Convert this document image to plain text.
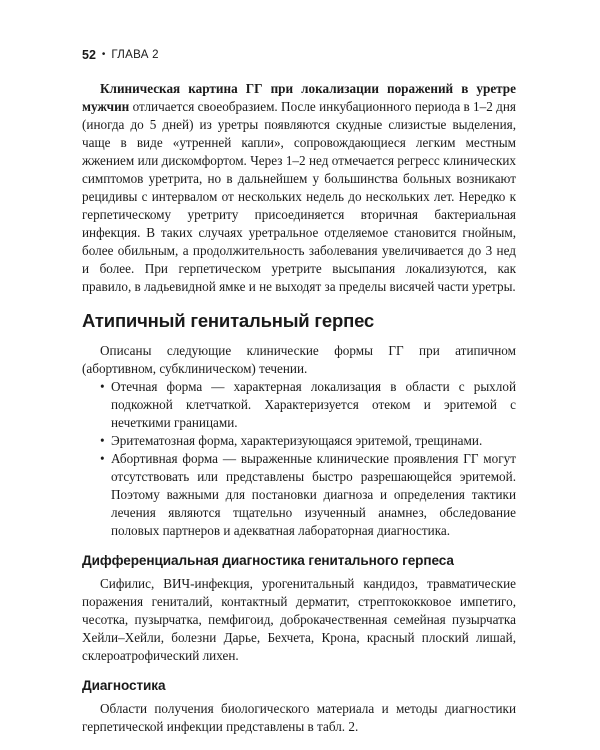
52 • ГЛАВА 2

Клиническая картина ГГ при локализации поражений в уретре мужчин отличается своеобразием. После инкубационного периода в 1–2 дня (иногда до 5 дней) из уретры появляются скудные слизистые выделения, чаще в виде «утренней капли», сопровождающиеся легким местным жжением или дискомфортом. Через 1–2 нед отмечается регресс клинических симптомов уретрита, но в дальнейшем у большинства больных возникают рецидивы с интервалом от нескольких недель до нескольких лет. Нередко к герпетическому уретриту присоединяется вторичная бактериальная инфекция. В таких случаях уретральное отделяемое становится гнойным, более обильным, а продолжительность заболевания увеличивается до 3 нед и более. При герпетическом уретрите высыпания локализуются, как правило, в ладьевидной ямке и не выходят за пределы висячей части уретры.

Атипичный генитальный герпес

Описаны следующие клинические формы ГГ при атипичном (абортивном, субклиническом) течении.

• Отечная форма — характерная локализация в области с рыхлой подкожной клетчаткой. Характеризуется отеком и эритемой с нечеткими границами.
• Эритематозная форма, характеризующаяся эритемой, трещинами.
• Абортивная форма — выраженные клинические проявления ГГ могут отсутствовать или представлены быстро разрешающейся эритемой. Поэтому важными для постановки диагноза и определения тактики лечения являются тщательно изученный анамнез, обследование половых партнеров и адекватная лабораторная диагностика.
Дифференциальная диагностика генитального герпеса

Сифилис, ВИЧ-инфекция, урогенитальный кандидоз, травматические поражения гениталий, контактный дерматит, стрептококковое импетиго, чесотка, пузырчатка, пемфигоид, доброкачественная семейная пузырчатка Хейли–Хейли, болезни Дарье, Бехчета, Крона, красный плоский лишай, склероатрофический лихен.

Диагностика

Области получения биологического материала и методы диагностики герпетической инфекции представлены в табл. 2.
